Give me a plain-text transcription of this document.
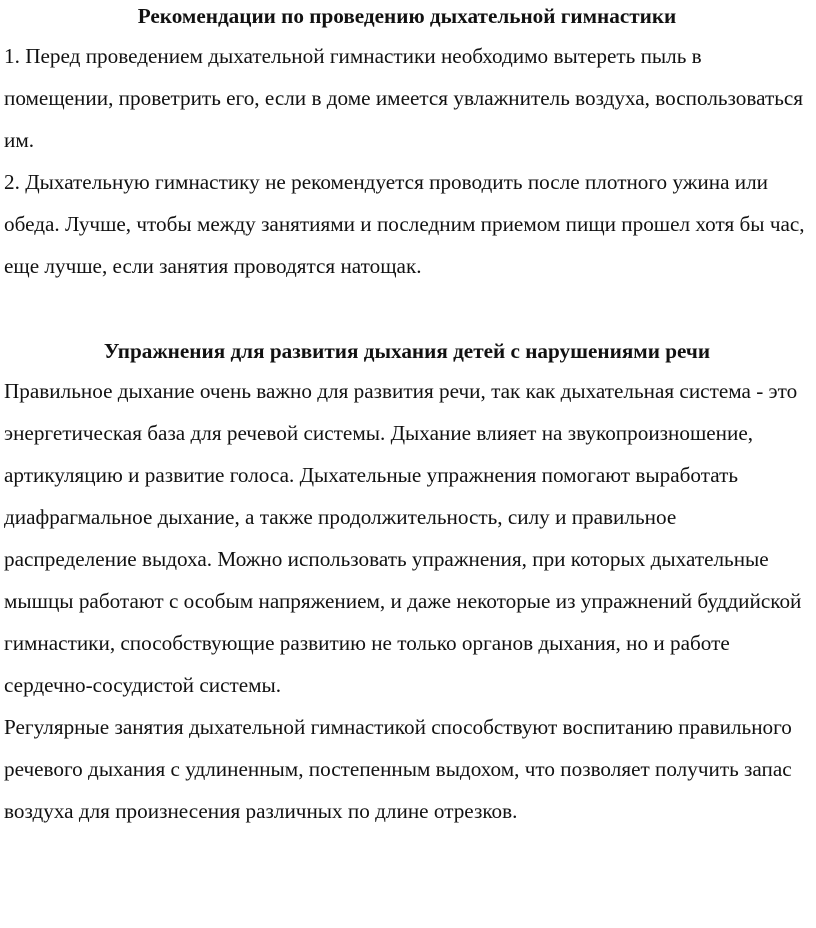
Рекомендации по проведению дыхательной гимнастики

1. Перед проведением дыхательной гимнастики необходимо вытереть пыль в помещении, проветрить его, если в доме имеется увлажнитель воздуха, воспользоваться им.

2. Дыхательную гимнастику не рекомендуется проводить после плотного ужина или обеда. Лучше, чтобы между занятиями и последним приемом пищи прошел хотя бы час, еще лучше, если занятия проводятся натощак.

Упражнения для развития дыхания детей с нарушениями речи

Правильное дыхание очень важно для развития речи, так как дыхательная система - это энергетическая база для речевой системы. Дыхание влияет на звукопроизношение, артикуляцию и развитие голоса. Дыхательные упражнения помогают выработать диафрагмальное дыхание, а также продолжительность, силу и правильное распределение выдоха. Можно использовать упражнения, при которых дыхательные мышцы работают с особым напряжением, и даже некоторые из упражнений буддийской гимнастики, способствующие развитию не только органов дыхания, но и работе сердечно-сосудистой системы.

Регулярные занятия дыхательной гимнастикой способствуют воспитанию правильного речевого дыхания с удлиненным, постепенным выдохом, что позволяет получить запас воздуха для произнесения различных по длине отрезков.
